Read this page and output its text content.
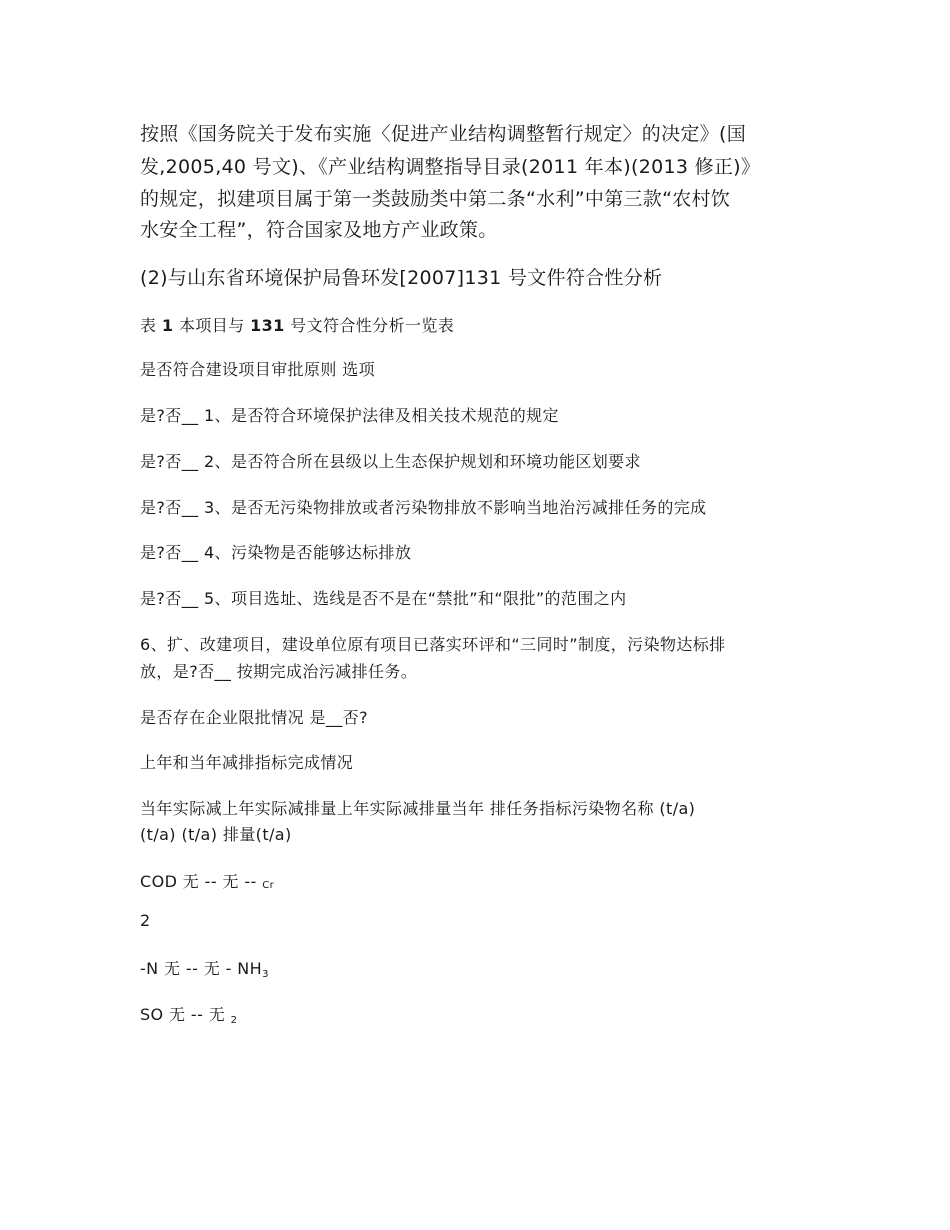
按照《国务院关于发布实施〈促进产业结构调整暂行规定〉的决定》(国
发,2005,40 号文)、《产业结构调整指导目录(2011 年本)(2013 修正)》
的规定，拟建项目属于第一类鼓励类中第二条“水利”中第三款“农村饮
水安全工程”，符合国家及地方产业政策。
(2)与山东省环境保护局鲁环发[2007]131 号文件符合性分析
表 1 本项目与 131 号文符合性分析一览表
是否符合建设项目审批原则 选项
是?否__ 1、是否符合环境保护法律及相关技术规范的规定
是?否__ 2、是否符合所在县级以上生态保护规划和环境功能区划要求
是?否__ 3、是否无污染物排放或者污染物排放不影响当地治污减排任务的完成
是?否__ 4、污染物是否能够达标排放
是?否__ 5、项目选址、选线是否不是在“禁批”和“限批”的范围之内
6、扩、改建项目，建设单位原有项目已落实环评和“三同时”制度，污染物达标排
放，是?否__ 按期完成治污减排任务。
是否存在企业限批情况 是__否?
上年和当年减排指标完成情况
当年实际减上年实际减排量上年实际减排量当年 排任务指标污染物名称 (t/a)
(t/a) (t/a) 排量(t/a)
COD 无 -- 无 -- Cr
2
-N 无 -- 无 - NH3
SO 无 -- 无 2
